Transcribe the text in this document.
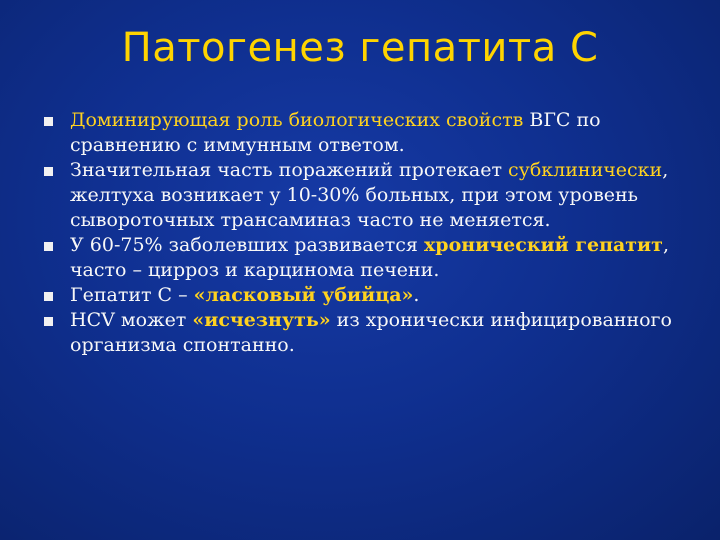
Патогенез гепатита С
Доминирующая роль биологических свойств ВГС по сравнению с иммунным ответом.
Значительная часть поражений протекает субклинически, желтуха возникает у 10-30% больных, при этом уровень сывороточных трансаминаз часто не меняется.
У 60-75% заболевших развивается хронический гепатит, часто – цирроз и карцинома печени.
Гепатит С – «ласковый убийца».
HCV может «исчезнуть» из хронически инфицированного организма спонтанно.
